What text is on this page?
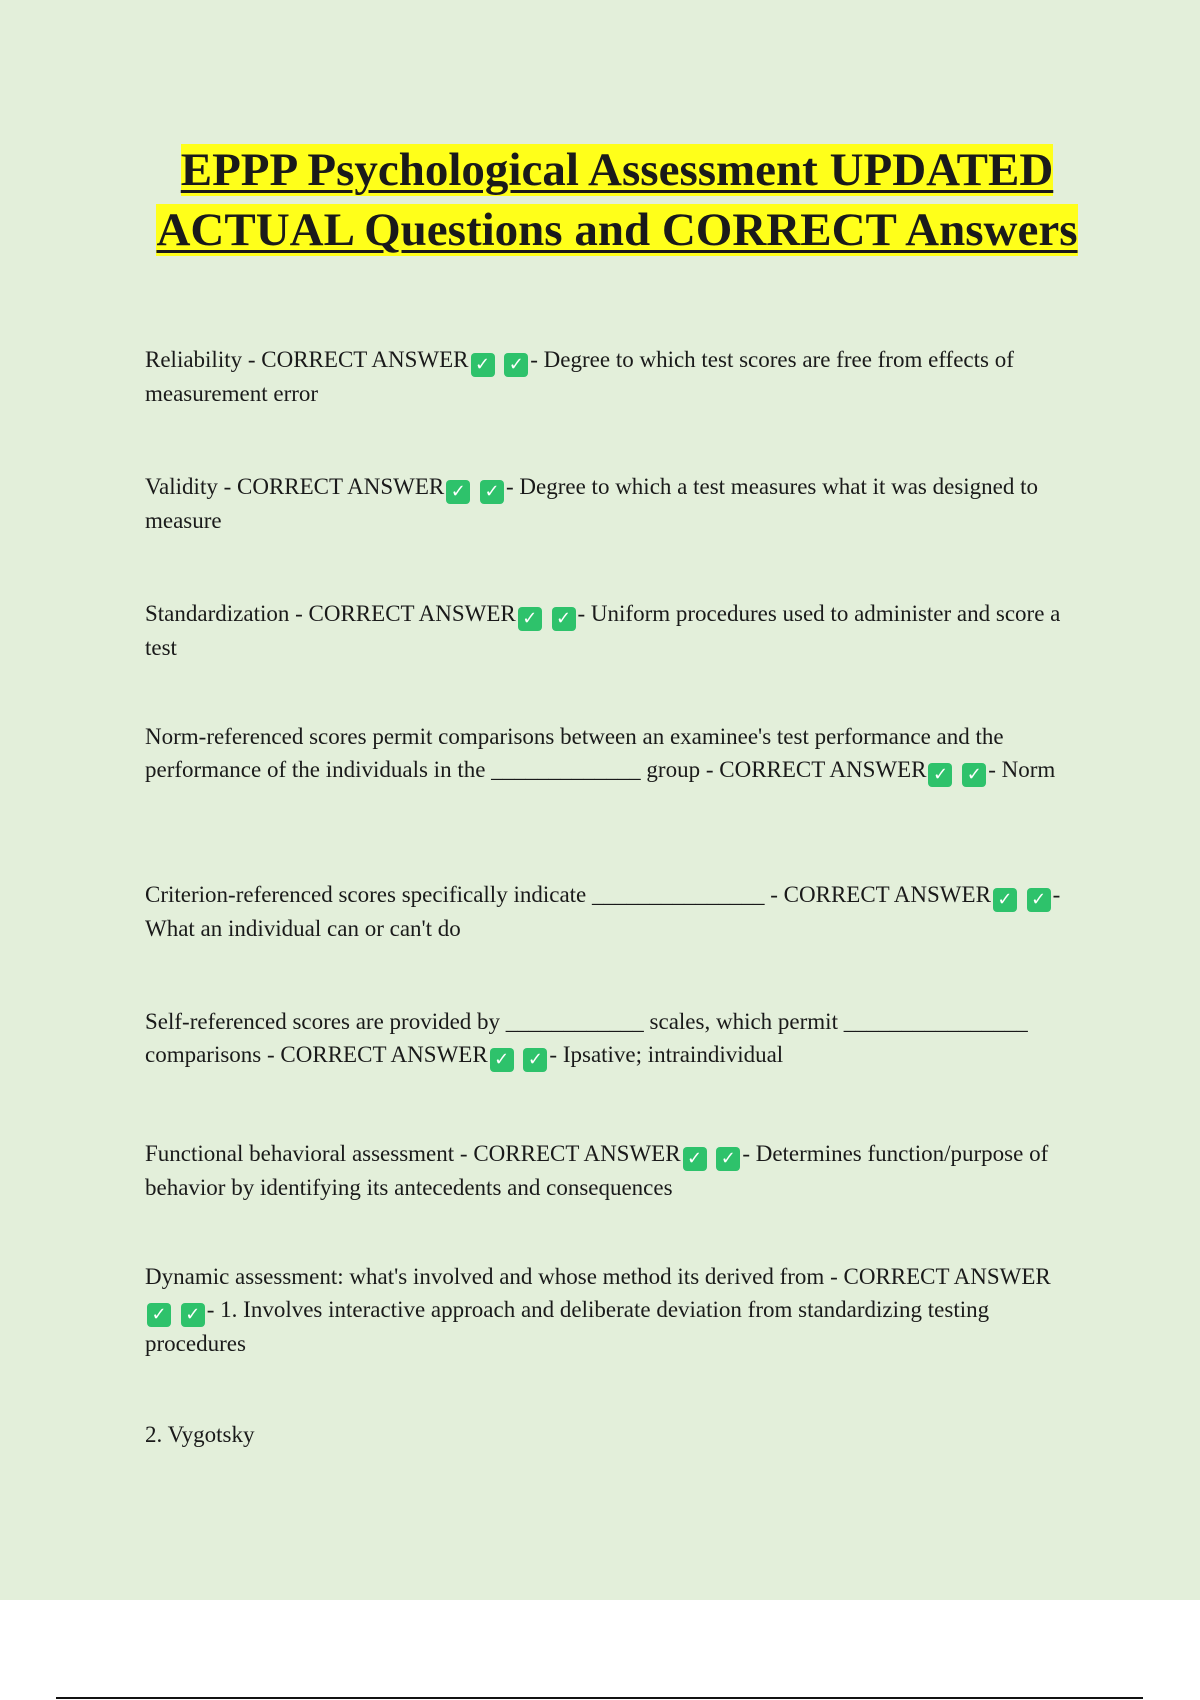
EPPP Psychological Assessment UPDATED ACTUAL Questions and CORRECT Answers

Reliability - CORRECT ANSWER ✓ ✓ - Degree to which test scores are free from effects of measurement error

Validity - CORRECT ANSWER ✓ ✓ - Degree to which a test measures what it was designed to measure

Standardization - CORRECT ANSWER ✓ ✓ - Uniform procedures used to administer and score a test

Norm-referenced scores permit comparisons between an examinee's test performance and the performance of the individuals in the _____________ group - CORRECT ANSWER ✓ ✓ - Norm

Criterion-referenced scores specifically indicate _______________ - CORRECT ANSWER ✓ ✓ - What an individual can or can't do

Self-referenced scores are provided by ____________ scales, which permit ________________ comparisons - CORRECT ANSWER ✓ ✓ - Ipsative; intraindividual

Functional behavioral assessment - CORRECT ANSWER ✓ ✓ - Determines function/purpose of behavior by identifying its antecedents and consequences

Dynamic assessment: what's involved and whose method its derived from - CORRECT ANSWER✓ ✓ - 1. Involves interactive approach and deliberate deviation from standardizing testing procedures

2. Vygotsky
